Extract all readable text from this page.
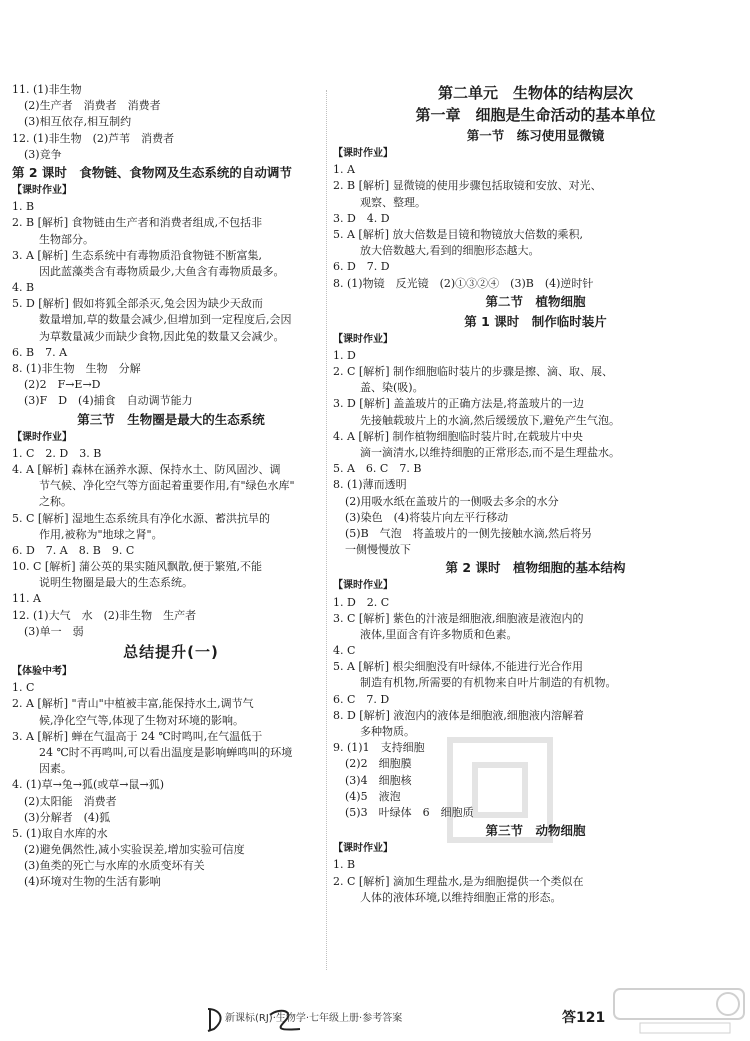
11. (1)非生物
(2)生产者　消费者　消费者
(3)相互依存,相互制约
12. (1)非生物　(2)芦苇　消费者
(3)竞争
第 2 课时　食物链、食物网及生态系统的自动调节
【课时作业】
1. B
2. B [解析] 食物链由生产者和消费者组成,不包括非
生物部分。
3. A [解析] 生态系统中有毒物质沿食物链不断富集,
因此蓝藻类含有毒物质最少,大鱼含有毒物质最多。
4. B
5. D [解析] 假如将狐全部杀灭,兔会因为缺少天敌而
数量增加,草的数量会减少,但增加到一定程度后,会因
为草数量减少而缺少食物,因此兔的数量又会减少。
6. B　7. A
8. (1)非生物　生物　分解
(2)2　F→E→D
(3)F　D　(4)捕食　自动调节能力
第三节　生物圈是最大的生态系统
【课时作业】
1. C　2. D　3. B
4. A [解析] 森林在涵养水源、保持水土、防风固沙、调
节气候、净化空气等方面起着重要作用,有"绿色水库"
之称。
5. C [解析] 湿地生态系统具有净化水源、蓄洪抗旱的
作用,被称为"地球之肾"。
6. D　7. A　8. B　9. C
10. C [解析] 蒲公英的果实随风飘散,便于繁殖,不能
说明生物圈是最大的生态系统。
11. A
12. (1)大气　水　(2)非生物　生产者
(3)单一　弱
总结提升(一)
【体验中考】
1. C
2. A [解析] "青山"中植被丰富,能保持水土,调节气
候,净化空气等,体现了生物对环境的影响。
3. A [解析] 蝉在气温高于 24 ℃时鸣叫,在气温低于
24 ℃时不再鸣叫,可以看出温度是影响蝉鸣叫的环境
因素。
4. (1)草→兔→狐(或草→鼠→狐)
(2)太阳能　消费者
(3)分解者　(4)狐
5. (1)取自水库的水
(2)避免偶然性,减小实验误差,增加实验可信度
(3)鱼类的死亡与水库的水质变坏有关
(4)环境对生物的生活有影响
第二单元　生物体的结构层次
第一章　细胞是生命活动的基本单位
第一节　练习使用显微镜
【课时作业】
1. A
2. B [解析] 显微镜的使用步骤包括取镜和安放、对光、
观察、整理。
3. D　4. D
5. A [解析] 放大倍数是目镜和物镜放大倍数的乘积,
放大倍数越大,看到的细胞形态越大。
6. D　7. D
8. (1)物镜　反光镜　(2)①③②④　(3)B　(4)逆时针
第二节　植物细胞
第 1 课时　制作临时装片
【课时作业】
1. D
2. C [解析] 制作细胞临时装片的步骤是擦、滴、取、展、
盖、染(吸)。
3. D [解析] 盖盖玻片的正确方法是,将盖玻片的一边
先接触载玻片上的水滴,然后缓缓放下,避免产生气泡。
4. A [解析] 制作植物细胞临时装片时,在载玻片中央
滴一滴清水,以维持细胞的正常形态,而不是生理盐水。
5. A　6. C　7. B
8. (1)薄而透明
(2)用吸水纸在盖玻片的一侧吸去多余的水分
(3)染色　(4)将装片向左平行移动
(5)B　气泡　将盖玻片的一侧先接触水滴,然后将另
一侧慢慢放下
第 2 课时　植物细胞的基本结构
【课时作业】
1. D　2. C
3. C [解析] 紫色的汁液是细胞液,细胞液是液泡内的
液体,里面含有许多物质和色素。
4. C
5. A [解析] 根尖细胞没有叶绿体,不能进行光合作用
制造有机物,所需要的有机物来自叶片制造的有机物。
6. C　7. D
8. D [解析] 液泡内的液体是细胞液,细胞液内溶解着
多种物质。
9. (1)1　支持细胞
(2)2　细胞膜
(3)4　细胞核
(4)5　液泡
(5)3　叶绿体　6　细胞质
第三节　动物细胞
【课时作业】
1. B
2. C [解析] 滴加生理盐水,是为细胞提供一个类似在
人体的液体环境,以维持细胞正常的形态。
新课标(RJ)·生物学·七年级上册·参考答案	答121
